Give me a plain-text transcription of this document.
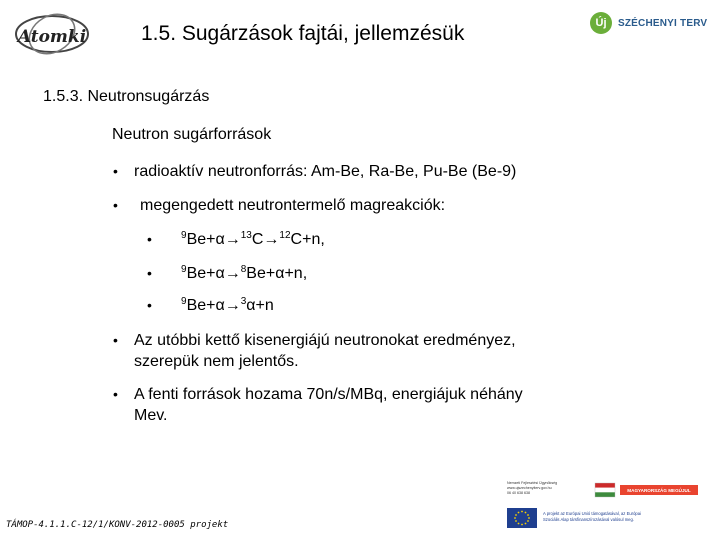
Atomki	1.5. Sugárzások fajtái, jellemzésük	Új	SZÉCHENYI TERV
1.5.3. Neutronsugárzás
Neutron sugárforrások
• radioaktív neutronforrás: Am-Be, Ra-Be, Pu-Be (Be-9)
• megengedett neutrontermelő magreakciók:
•	$^9$Be+α→$^{13}$C→$^{12}$C+n,
•	$^9$Be+α→$^8$Be+α+n,
•	$^9$Be+α→$^3$α+n
• Az utóbbi kettő kisenergiájú neutronokat eredményez,
szerepük nem jelentős.
• A fenti források hozama 70n/s/MBq, energiájuk néhány
Mev.
TÁMOP-4.1.1.C-12/1/KONV-2012-0005 projekt
Nemzeti Fejlesztési Ügynökség
www.ujszechenyiterv.gov.hu
06 40 638 638
MAGYARORSZÁG MEGÚJUL
A projekt az Európai Unió támogatásával, az Európai
Szociális Alap társfinanszírozásával valósul meg.
